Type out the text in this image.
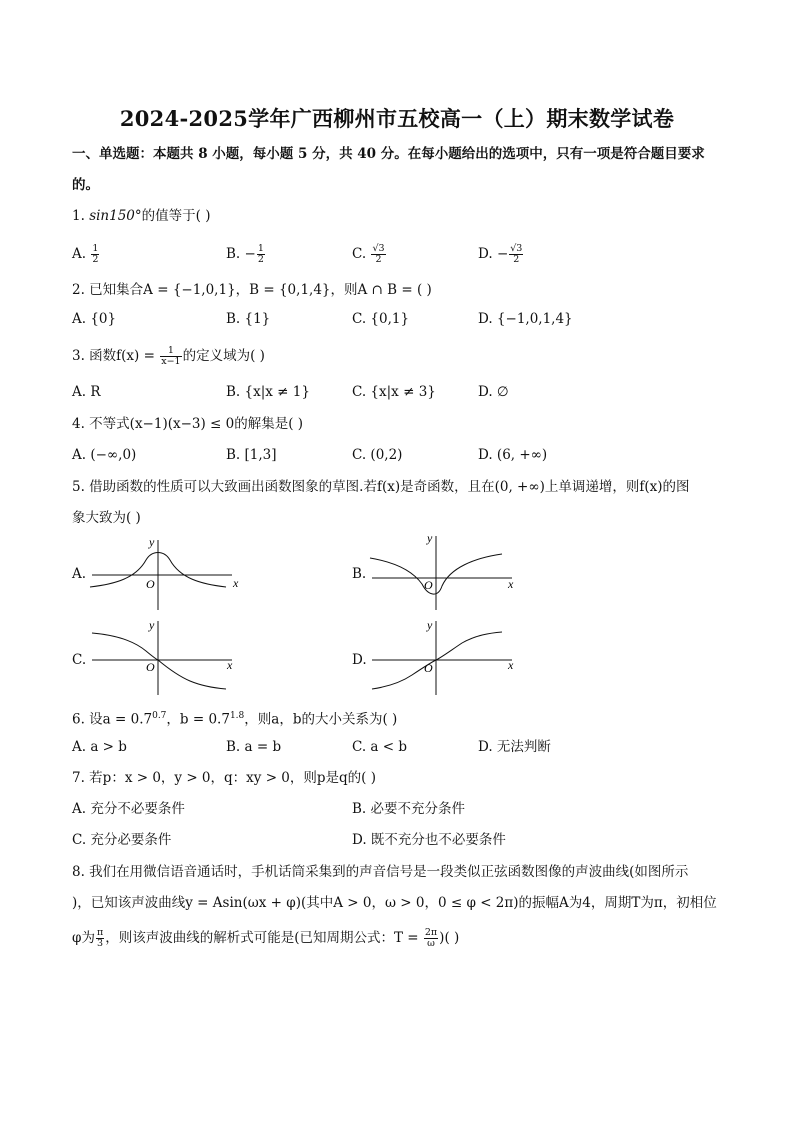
2024-2025学年广西柳州市五校高一（上）期末数学试卷
一、单选题：本题共 8 小题，每小题 5 分，共 40 分。在每小题给出的选项中，只有一项是符合题目要求
的。
1. sin150°的值等于( )
A. $\frac{1}{2}$	B. − $\frac{1}{2}$	C. $\frac{√3}{2}$	D. − $\frac{√3}{2}$
2. 已知集合A = {−1,0,1}，B = {0,1,4}，则A ∩ B = ( )
A. {0}	B. {1}	C. {0,1}	D. {−1,0,1,4}
3. 函数$f(x) = \frac{1}{x-1}$ 的定义域为( )
A. R	B. {x|x ≠ 1}	C. {x|x ≠ 3}	D. ∅
4. 不等式(x−1)(x−3) ≤ 0的解集是( )
A. (−∞,0)	B. [1,3]	C. (0,2)	D. (6, +∞)
5. 借助函数的性质可以大致画出函数图象的草图.若f(x)是奇函数，且在(0, +∞)上单调递增，则f(x)的图
象大致为( )
A.
y
x
O
B.
y
x
O
C.
y
x
O	D.
y
x
O
6. 设$a = 0.7^{0.7}$，$b = 0.7^{1.8}$，则a，b的大小关系为( )
A. a > b	B. a = b	C. a < b	D. 无法判断
7. 若p：x > 0，y > 0，q：xy > 0，则p是q的( )
A. 充分不必要条件	B. 必要不充分条件
C. 充分必要条件	D. 既不充分也不必要条件
8. 我们在用微信语音通话时，手机话筒采集到的声音信号是一段类似正弦函数图像的声波曲线(如图所示
)，已知该声波曲线y = Asin(ωx + φ)(其中A > 0，ω > 0，0 ≤ φ < 2π)的振幅A为4，周期T为π，初相位
φ为 $\frac{\pi}{3}$ ，则该声波曲线的解析式可能是(已知周期公式：$T = \frac{2\pi}{\omega}$ )( )
